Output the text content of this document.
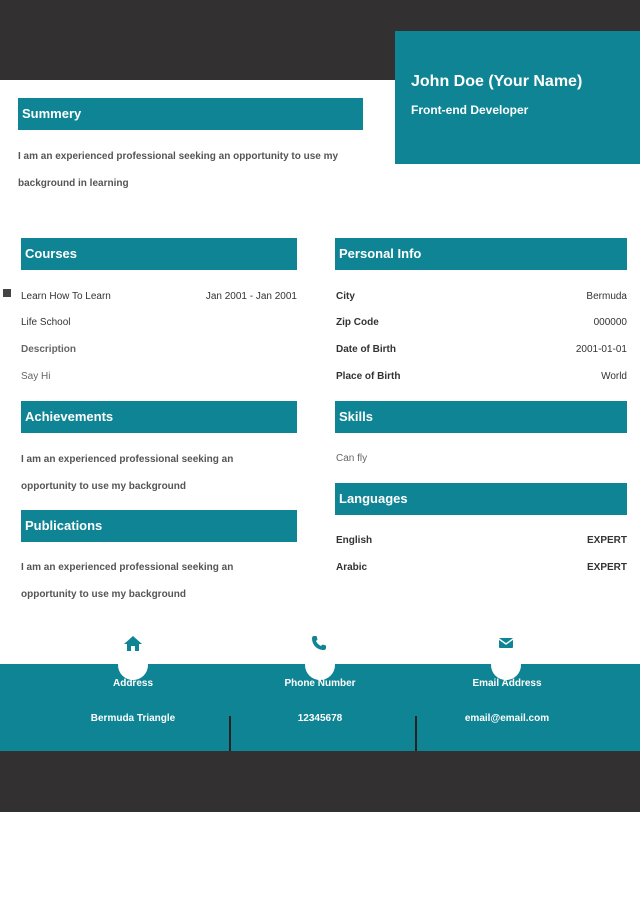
John Doe (Your Name)
Front-end Developer
Summery
I am an experienced professional seeking an opportunity to use my background in learning
Courses
Learn How To Learn	Jan 2001 - Jan 2001
Life School
Description
Say Hi
Achievements
I am an experienced professional seeking an opportunity to use my background
Publications
I am an experienced professional seeking an opportunity to use my background
Personal Info
City	Bermuda
Zip Code	000000
Date of Birth	2001-01-01
Place of Birth	World
Skills
Can fly
Languages
English	EXPERT
Arabic	EXPERT
Address	Phone Number	Email Address
Bermuda Triangle	12345678	email@email.com
